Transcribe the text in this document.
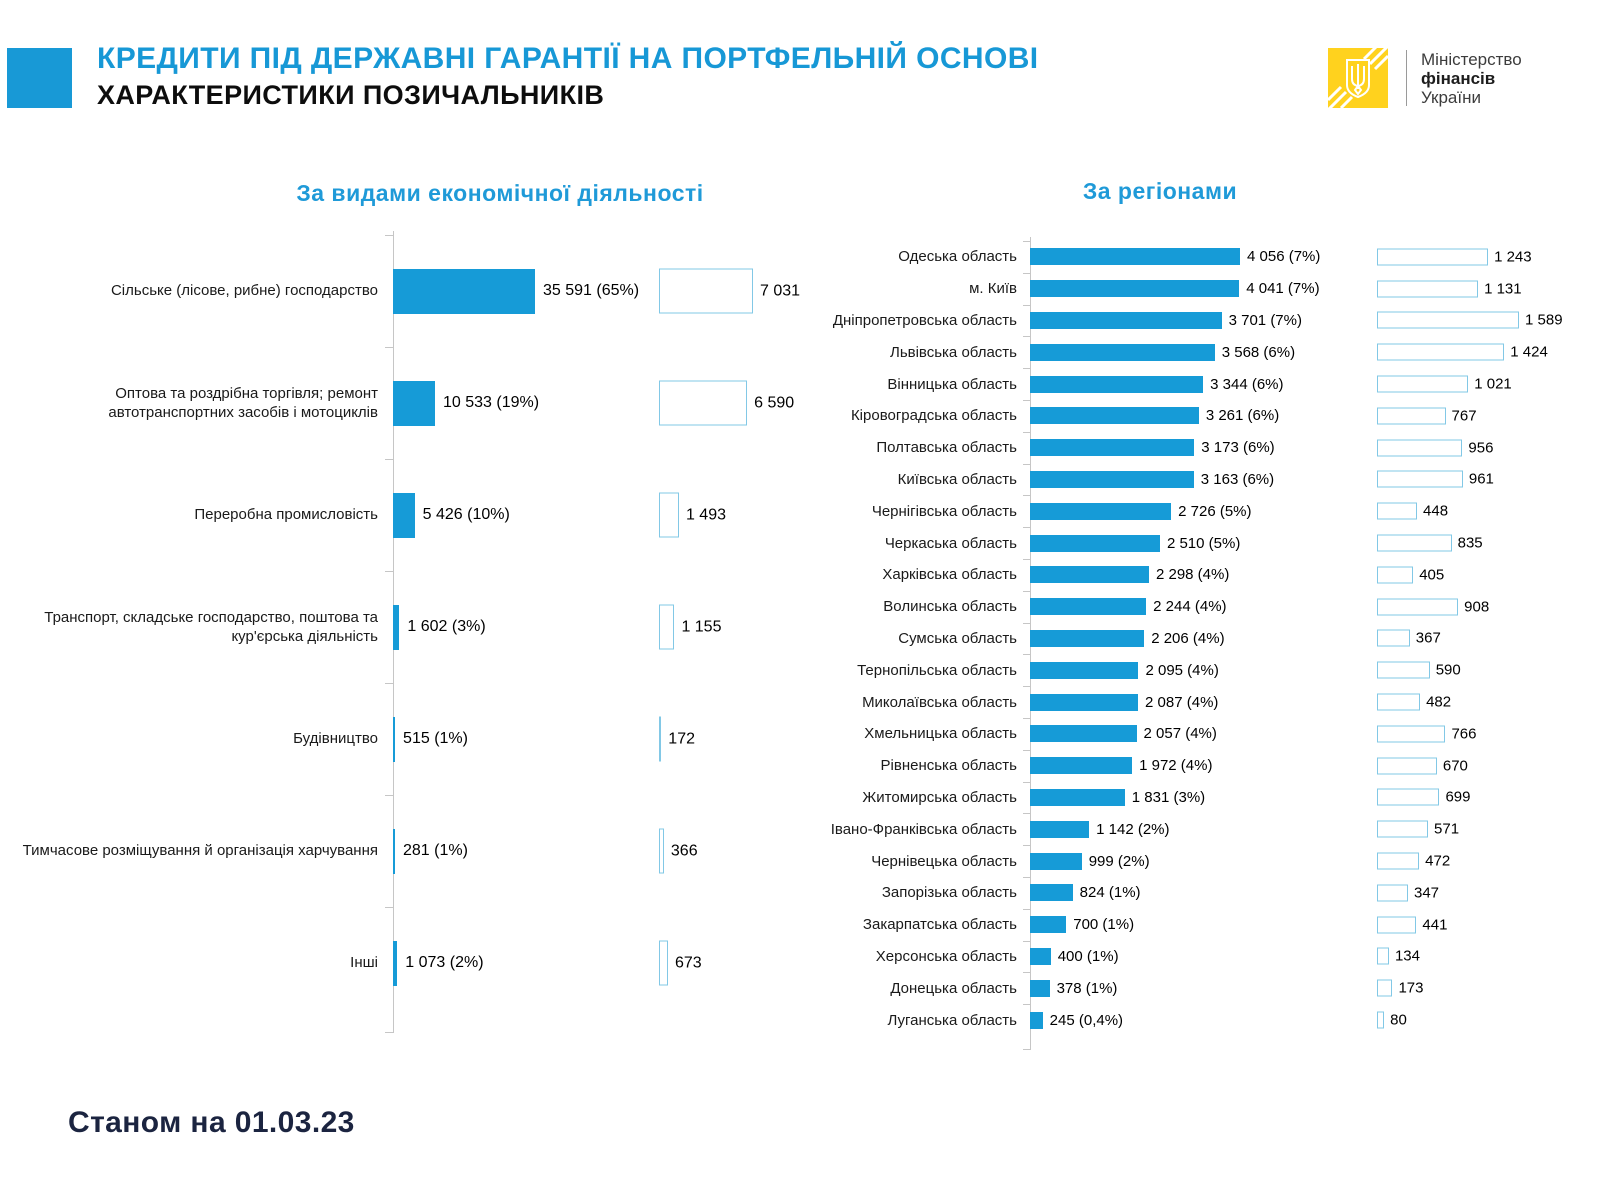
КРЕДИТИ ПІД ДЕРЖАВНІ ГАРАНТІЇ НА ПОРТФЕЛЬНІЙ ОСНОВІ
ХАРАКТЕРИСТИКИ ПОЗИЧАЛЬНИКІВ
Міністерство
фінансів
України
За видами економічної діяльності	За регіонами
Сільське (лісове, рибне) господарство	35 591 (65%)	7 031
Оптова та роздрібна торгівля; ремонт автотранспортних засобів і мотоциклів
10 533 (19%)	6 590
Переробна промисловість	5 426 (10%)	1 493
Транспорт, складське господарство, поштова та кур'єрська діяльність
1 602 (3%)	1 155
Будівництво	515 (1%)	172
Тимчасове розміщування й організація харчування	281 (1%)	366
Інші	1 073 (2%)	673
Одеська область	4 056 (7%)	1 243
м. Київ	4 041 (7%)	1 131
Дніпропетровська область	3 701 (7%)	1 589
Львівська область	3 568 (6%)	1 424
Вінницька область	3 344 (6%)	1 021
Кіровоградська область	3 261 (6%)	767
Полтавська область	3 173 (6%)	956
Київська область	3 163 (6%)	961
Чернігівська область	2 726 (5%)	448
Черкаська область	2 510 (5%)	835
Харківська область	2 298 (4%)	405
Волинська область	2 244 (4%)	908
Сумська область	2 206 (4%)	367
Тернопільська область	2 095 (4%)	590
Миколаївська область	2 087 (4%)	482
Хмельницька область	2 057 (4%)	766
Рівненська область	1 972 (4%)	670
Житомирська область	1 831 (3%)	699
Івано-Франківська область	1 142 (2%)	571
Чернівецька область	999 (2%)	472
Запорізька область	824 (1%)	347
Закарпатська область	700 (1%)	441
Херсонська область	400 (1%)	134
Донецька область	378 (1%)	173
Луганська область	245 (0,4%)	80
Станом на 01.03.23
